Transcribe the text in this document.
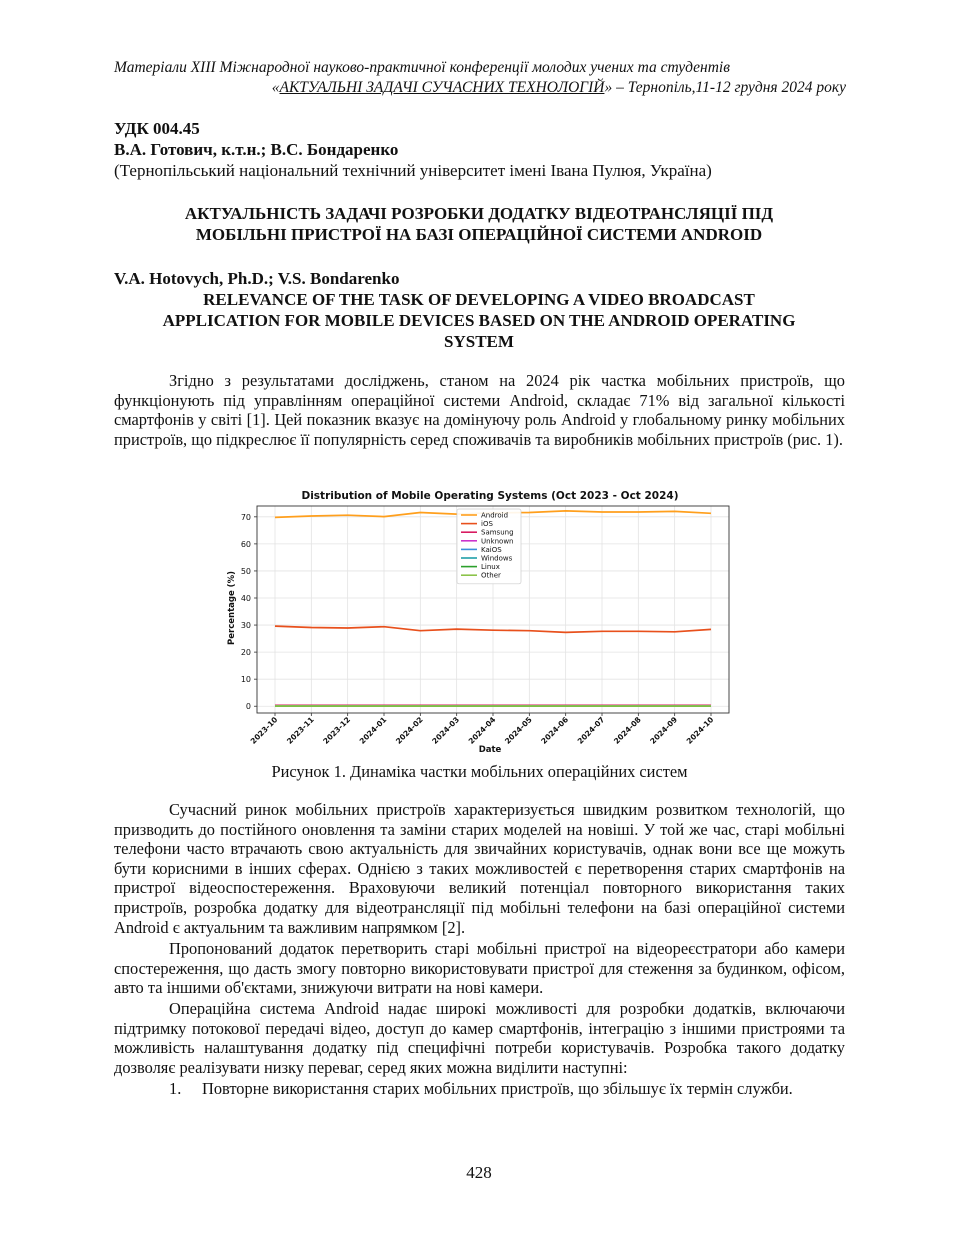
Матеріали XIII Міжнародної науково-практичної конференції молодих учених та студентів
«АКТУАЛЬНІ ЗАДАЧІ СУЧАСНИХ ТЕХНОЛОГІЙ» – Тернопіль,11-12 грудня 2024 року
УДК 004.45
В.А. Готович, к.т.н.; В.С. Бондаренко
(Тернопільський національний технічний університет імені Івана Пулюя, Україна)
АКТУАЛЬНІСТЬ ЗАДАЧІ РОЗРОБКИ ДОДАТКУ ВІДЕОТРАНСЛЯЦІЇ ПІД
МОБІЛЬНІ ПРИСТРОЇ НА БАЗІ ОПЕРАЦІЙНОЇ СИСТЕМИ ANDROID
V.A. Hotovych, Ph.D.; V.S. Bondarenko
RELEVANCE OF THE TASK OF DEVELOPING A VIDEO BROADCAST
APPLICATION FOR MOBILE DEVICES BASED ON THE ANDROID OPERATING
SYSTEM
Згідно з результатами досліджень, станом на 2024 рік частка мобільних пристроїв, що функціонують під управлінням операційної системи Android, складає 71% від загальної кількості смартфонів у світі [1]. Цей показник вказує на домінуючу роль Android у глобальному ринку мобільних пристроїв, що підкреслює її популярність серед споживачів та виробників мобільних пристроїв (рис. 1).
Distribution of Mobile Operating Systems (Oct 2023 - Oct 2024)
0
10
20
30
40
50
60
70
2023-10 2023-11 2023-12 2024-01 2024-02 2024-03 2024-04 2024-05 2024-06 2024-07 2024-08 2024-09 2024-10
Android
iOS
Samsung
Unknown
KaiOS
Windows
Linux
Other
Percentage (%)
Date
Рисунок 1. Динаміка частки мобільних операційних систем
Сучасний ринок мобільних пристроїв характеризується швидким розвитком технологій, що призводить до постійного оновлення та заміни старих моделей на новіші. У той же час, старі мобільні телефони часто втрачають свою актуальність для звичайних користувачів, однак вони все ще можуть бути корисними в інших сферах. Однією з таких можливостей є перетворення старих смартфонів на пристрої відеоспостереження. Враховуючи великий потенціал повторного використання таких пристроїв, розробка додатку для відеотрансляції під мобільні телефони на базі операційної системи Android є актуальним та важливим напрямком [2].
Пропонований додаток перетворить старі мобільні пристрої на відеореєстратори або камери спостереження, що дасть змогу повторно використовувати пристрої для стеження за будинком, офісом, авто та іншими об'єктами, знижуючи витрати на нові камери.
Операційна система Android надає широкі можливості для розробки додатків, включаючи підтримку потокової передачі відео, доступ до камер смартфонів, інтеграцію з іншими пристроями та можливість налаштування додатку під специфічні потреби користувачів. Розробка такого додатку дозволяє реалізувати низку переваг, серед яких можна виділити наступні:
1. Повторне використання старих мобільних пристроїв, що збільшує їх термін служби.
428
